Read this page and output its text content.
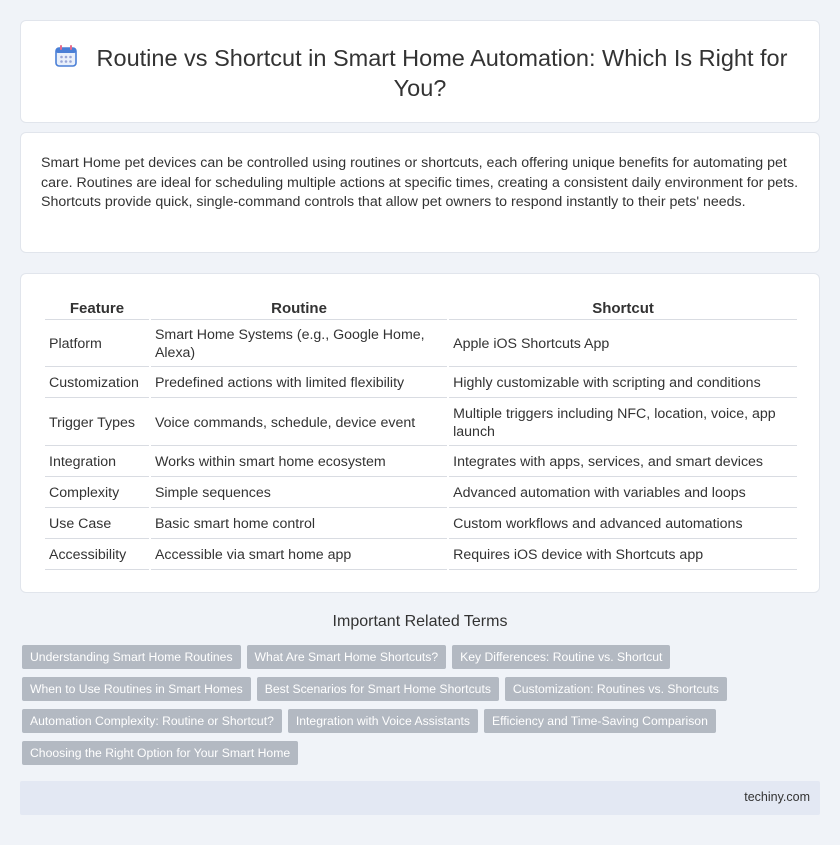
Routine vs Shortcut in Smart Home Automation: Which Is Right for You?

Smart Home pet devices can be controlled using routines or shortcuts, each offering unique benefits for automating pet care. Routines are ideal for scheduling multiple actions at specific times, creating a consistent daily environment for pets. Shortcuts provide quick, single-command controls that allow pet owners to respond instantly to their pets' needs.

Feature	Routine	Shortcut
Platform	Smart Home Systems (e.g., Google Home, Alexa)	Apple iOS Shortcuts App
Customization	Predefined actions with limited flexibility	Highly customizable with scripting and conditions
Trigger Types	Voice commands, schedule, device event	Multiple triggers including NFC, location, voice, app launch
Integration	Works within smart home ecosystem	Integrates with apps, services, and smart devices
Complexity	Simple sequences	Advanced automation with variables and loops
Use Case	Basic smart home control	Custom workflows and advanced automations
Accessibility	Accessible via smart home app	Requires iOS device with Shortcuts app
Important Related Terms
Understanding Smart Home Routines	What Are Smart Home Shortcuts?	Key Differences: Routine vs. Shortcut
When to Use Routines in Smart Homes	Best Scenarios for Smart Home Shortcuts	Customization: Routines vs. Shortcuts
Automation Complexity: Routine or Shortcut?	Integration with Voice Assistants	Efficiency and Time-Saving Comparison
Choosing the Right Option for Your Smart Home
techiny.com
